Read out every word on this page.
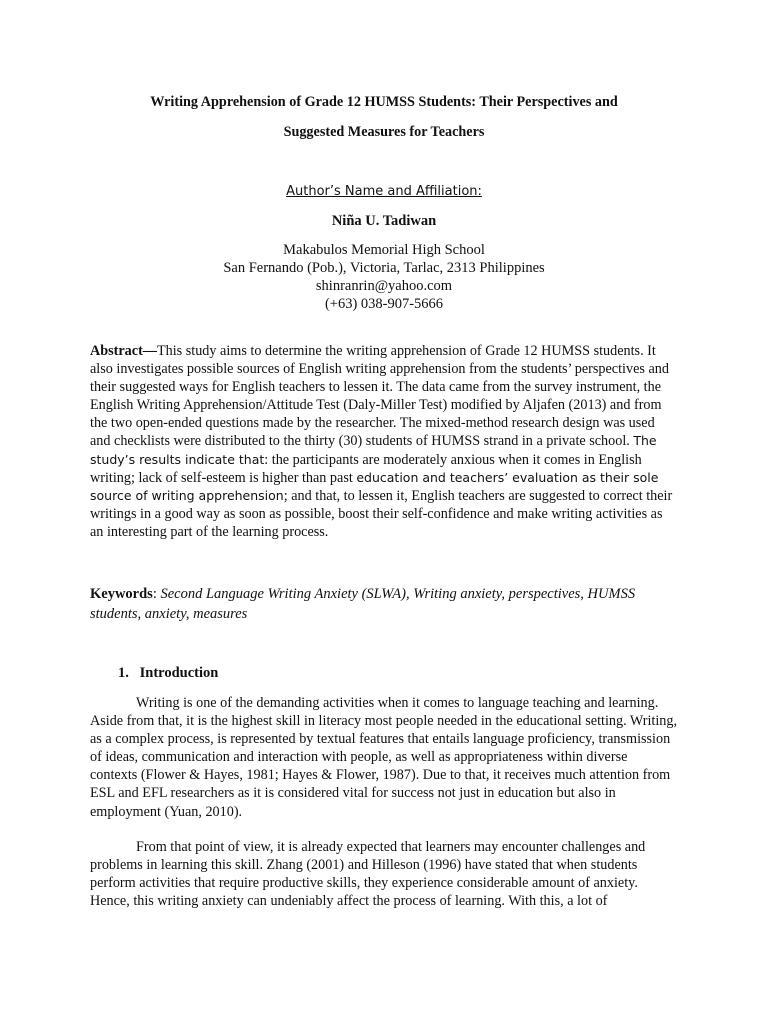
Writing Apprehension of Grade 12 HUMSS Students: Their Perspectives and
Suggested Measures for Teachers
Author’s Name and Affiliation:
Niña U. Tadiwan
Makabulos Memorial High School
San Fernando (Pob.), Victoria, Tarlac, 2313 Philippines
shinranrin@yahoo.com
(+63) 038-907-5666
Abstract—This study aims to determine the writing apprehension of Grade 12 HUMSS students. It also investigates possible sources of English writing apprehension from the students’ perspectives and their suggested ways for English teachers to lessen it. The data came from the survey instrument, the English Writing Apprehension/Attitude Test (Daly-Miller Test) modified by Aljafen (2013) and from the two open-ended questions made by the researcher. The mixed-method research design was used and checklists were distributed to the thirty (30) students of HUMSS strand in a private school. The study’s results indicate that: the participants are moderately anxious when it comes in English writing; lack of self-esteem is higher than past education and teachers’ evaluation as their sole source of writing apprehension; and that, to lessen it, English teachers are suggested to correct their writings in a good way as soon as possible, boost their self-confidence and make writing activities as an interesting part of the learning process.
Keywords: Second Language Writing Anxiety (SLWA), Writing anxiety, perspectives, HUMSS students, anxiety, measures
1. Introduction
Writing is one of the demanding activities when it comes to language teaching and learning. Aside from that, it is the highest skill in literacy most people needed in the educational setting. Writing, as a complex process, is represented by textual features that entails language proficiency, transmission of ideas, communication and interaction with people, as well as appropriateness within diverse contexts (Flower & Hayes, 1981; Hayes & Flower, 1987). Due to that, it receives much attention from ESL and EFL researchers as it is considered vital for success not just in education but also in employment (Yuan, 2010).
From that point of view, it is already expected that learners may encounter challenges and problems in learning this skill. Zhang (2001) and Hilleson (1996) have stated that when students perform activities that require productive skills, they experience considerable amount of anxiety. Hence, this writing anxiety can undeniably affect the process of learning. With this, a lot of
